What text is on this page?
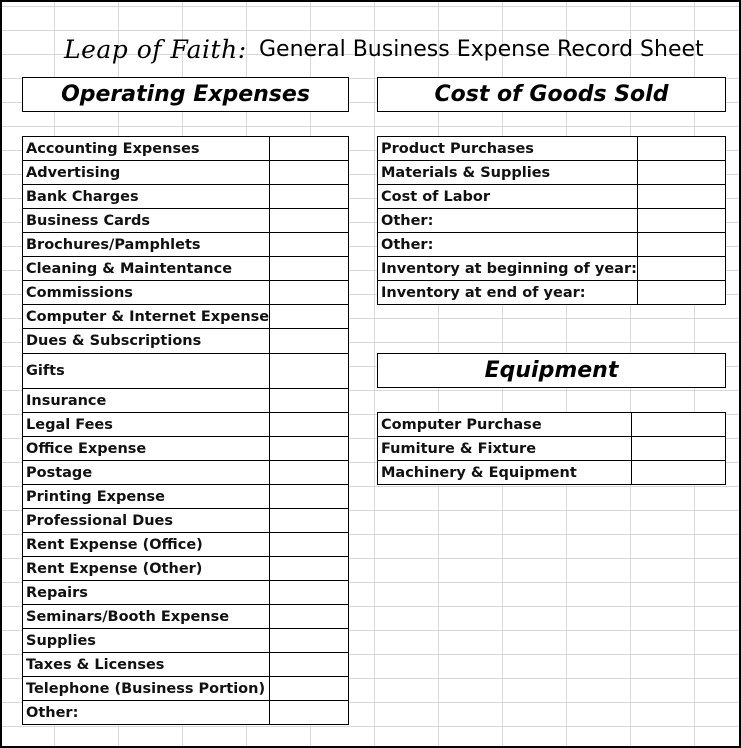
Leap of Faith: General Business Expense Record Sheet
Operating Expenses
Accounting Expenses	
Advertising	
Bank Charges	
Business Cards	
Brochures/Pamphlets	
Cleaning & Maintentance	
Commissions	
Computer & Internet Expense	
Dues & Subscriptions	
Gifts	
Insurance	
Legal Fees	
Office Expense	
Postage	
Printing Expense	
Professional Dues	
Rent Expense (Office)	
Rent Expense (Other)	
Repairs	
Seminars/Booth Expense	
Supplies	
Taxes & Licenses	
Telephone (Business Portion)	
Other:	
Cost of Goods Sold
Product Purchases	
Materials & Supplies	
Cost of Labor	
Other:	
Other:	
Inventory at beginning of year:	
Inventory at end of year:	
Equipment
Computer Purchase	
Fumiture & Fixture	
Machinery & Equipment	
